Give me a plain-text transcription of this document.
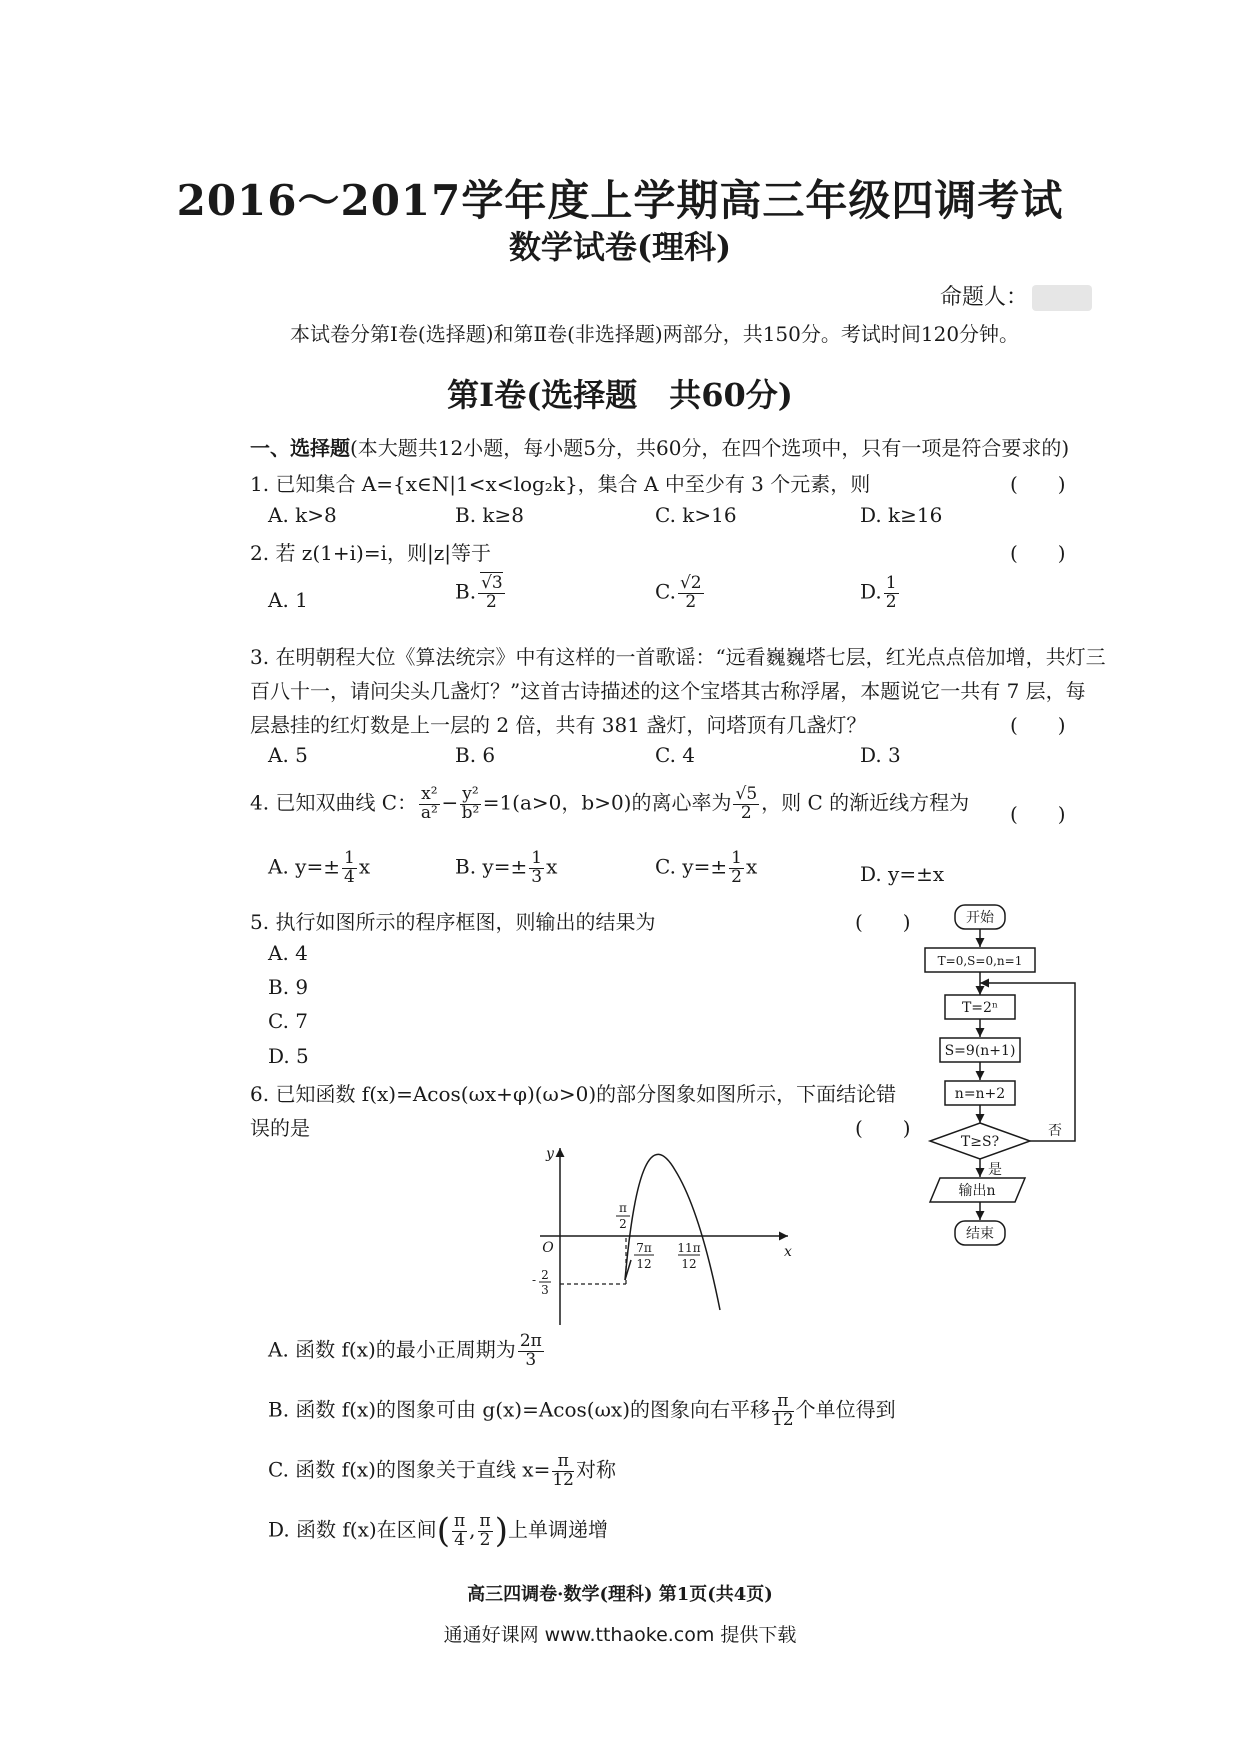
2016～2017学年度上学期高三年级四调考试
数学试卷(理科)
命题人：
本试卷分第Ⅰ卷(选择题)和第Ⅱ卷(非选择题)两部分，共150分。考试时间120分钟。
第Ⅰ卷(选择题　共60分)
一、选择题(本大题共12小题，每小题5分，共60分，在四个选项中，只有一项是符合要求的)
1. 已知集合 A={x∈N|1<x<log₂k}，集合 A 中至少有 3 个元素，则	(　　)
A. k>8	B. k≥8	C. k>16	D. k≥16
2. 若 z(1+i)=i，则|z|等于	(　　)
A. 1	B. $\frac{√3}{2}$	C. $\frac{√2}{2}$	D. $\frac{1}{2}$
3. 在明朝程大位《算法统宗》中有这样的一首歌谣：“远看巍巍塔七层，红光点点倍加增，共灯三
百八十一，请问尖头几盏灯？”这首古诗描述的这个宝塔其古称浮屠，本题说它一共有 7 层，每
层悬挂的红灯数是上一层的 2 倍，共有 381 盏灯，问塔顶有几盏灯？	(　　)
A. 5	B. 6	C. 4	D. 3
4. 已知双曲线 C： $\frac{\text{x²}}{\text{a²}} - \frac{\text{y²}}{\text{b²}} =1(a>0$，b>0)的离心率为 $\frac{√5}{2}$ ，则 C 的渐近线方程为 (　　)
A. $y=\pm \frac{1}{4}$ x	B. $y=\pm \frac{1}{3}$ x	C. $y=\pm \frac{1}{2}$ x	D. y=±x
5. 执行如图所示的程序框图，则输出的结果为	(　　)
A. 4
B. 9
C. 7
D. 5
开始
T=0,S=0,n=1
T=2ⁿ
S=9(n+1)
n=n+2
T≥S?
否
是
输出n
结束
6. 已知函数 f(x)=Acos(ωx+φ)(ω>0)的部分图象如图所示，下面结论错
误的是	(　　)
y
x
O
π
2
7π
12
11π
12
- 2
3
A. 函数 f(x)的最小正周期为 $\frac{2\pi}{3}$
B. 函数 f(x)的图象可由 g(x)=Acos(ωx)的图象向右平移 $\frac{\pi}{12}$ 个单位得到
C. 函数 f(x)的图象关于直线 $x= \frac{\pi}{12}$ 对称
D. 函数 f(x)在区间( $\frac{\pi}{4}$ , $\frac{\pi}{2}$ )上单调递增
高三四调卷·数学(理科) 第1页(共4页)
通通好课网 www.tthaoke.com 提供下载
